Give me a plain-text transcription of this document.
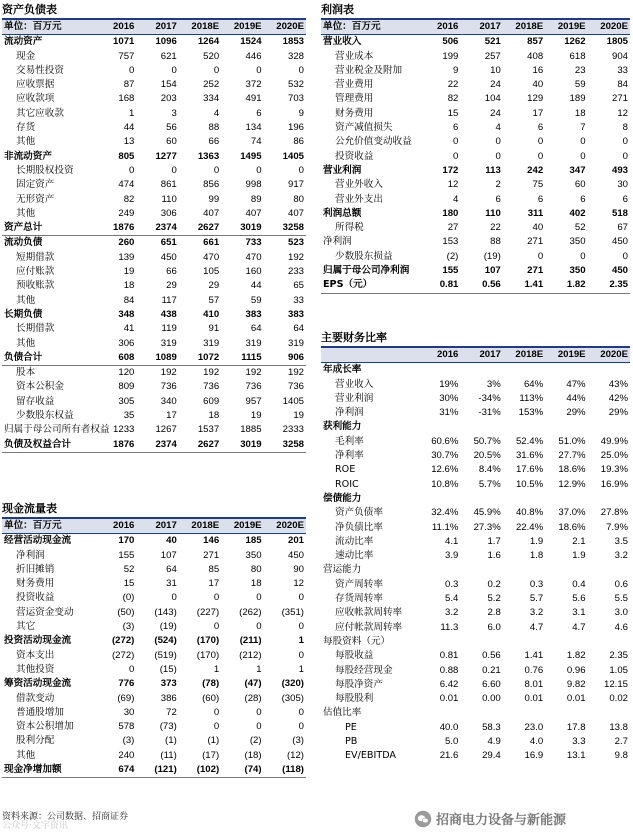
资产负债表
单位：百万元	2016	2017	2018E	2019E	2020E
流动资产	1071	1096	1264	1524	1853
现金	757	621	520	446	328
交易性投资	0	0	0	0	0
应收票据	87	154	252	372	532
应收款项	168	203	334	491	703
其它应收款	1	3	4	6	9
存货	44	56	88	134	196
其他	13	60	66	74	86
非流动资产	805	1277	1363	1495	1405
长期股权投资	0	0	0	0	0
固定资产	474	861	856	998	917
无形资产	82	110	99	89	80
其他	249	306	407	407	407
资产总计	1876	2374	2627	3019	3258
流动负债	260	651	661	733	523
短期借款	139	450	470	470	192
应付账款	19	66	105	160	233
预收账款	18	29	29	44	65
其他	84	117	57	59	33
长期负债	348	438	410	383	383
长期借款	41	119	91	64	64
其他	306	319	319	319	319
负债合计	608	1089	1072	1115	906
股本	120	192	192	192	192
资本公积金	809	736	736	736	736
留存收益	305	340	609	957	1405
少数股东权益	35	17	18	19	19
归属于母公司所有者权益	1233	1267	1537	1885	2333
负债及权益合计	1876	2374	2627	3019	3258
现金流量表
单位：百万元	2016	2017	2018E	2019E	2020E
经营活动现金流	170	40	146	185	201
净利润	155	107	271	350	450
折旧摊销	52	64	85	80	90
财务费用	15	31	17	18	12
投资收益	(0)	0	0	0	0
营运资金变动	(50)	(143)	(227)	(262)	(351)
其它	(3)	(19)	0	0	0
投资活动现金流	(272)	(524)	(170)	(211)	1
资本支出	(272)	(519)	(170)	(212)	0
其他投资	0	(15)	1	1	1
筹资活动现金流	776	373	(78)	(47)	(320)
借款变动	(69)	386	(60)	(28)	(305)
普通股增加	30	72	0	0	0
资本公积增加	578	(73)	0	0	0
股利分配	(3)	(1)	(1)	(2)	(3)
其他	240	(11)	(17)	(18)	(12)
现金净增加额	674	(121)	(102)	(74)	(118)
利润表
单位：百万元	2016	2017	2018E	2019E	2020E
营业收入	506	521	857	1262	1805
营业成本	199	257	408	618	904
营业税金及附加	9	10	16	23	33
营业费用	22	24	40	59	84
管理费用	82	104	129	189	271
财务费用	15	24	17	18	12
资产减值损失	6	4	6	7	8
公允价值变动收益	0	0	0	0	0
投资收益	0	0	0	0	0
营业利润	172	113	242	347	493
营业外收入	12	2	75	60	30
营业外支出	4	6	6	6	6
利润总额	180	110	311	402	518
所得税	27	22	40	52	67
净利润	153	88	271	350	450
少数股东损益	(2)	(19)	0	0	0
归属于母公司净利润	155	107	271	350	450
EPS（元）	0.81	0.56	1.41	1.82	2.35
主要财务比率
	2016	2017	2018E	2019E	2020E
年成长率					
营业收入	19%	3%	64%	47%	43%
营业利润	30%	-34%	113%	44%	42%
净利润	31%	-31%	153%	29%	29%
获利能力					
毛利率	60.6%	50.7%	52.4%	51.0%	49.9%
净利率	30.7%	20.5%	31.6%	27.7%	25.0%
ROE	12.6%	8.4%	17.6%	18.6%	19.3%
ROIC	10.8%	5.7%	10.5%	12.9%	16.9%
偿债能力					
资产负债率	32.4%	45.9%	40.8%	37.0%	27.8%
净负债比率	11.1%	27.3%	22.4%	18.6%	7.9%
流动比率	4.1	1.7	1.9	2.1	3.5
速动比率	3.9	1.6	1.8	1.9	3.2
营运能力					
资产周转率	0.3	0.2	0.3	0.4	0.6
存货周转率	5.4	5.2	5.7	5.6	5.5
应收帐款周转率	3.2	2.8	3.2	3.1	3.0
应付帐款周转率	11.3	6.0	4.7	4.7	4.6
每股资料（元）					
每股收益	0.81	0.56	1.41	1.82	2.35
每股经营现金	0.88	0.21	0.76	0.96	1.05
每股净资产	6.42	6.60	8.01	9.82	12.15
每股股利	0.01	0.00	0.01	0.01	0.02
估值比率					
PE	40.0	58.3	23.0	17.8	13.8
PB	5.0	4.9	4.0	3.3	2.7
EV/EBITDA	21.6	29.4	16.9	13.1	9.8
资料来源：公司数据、招商证券
公众号·文字资讯	招商电力设备与新能源
